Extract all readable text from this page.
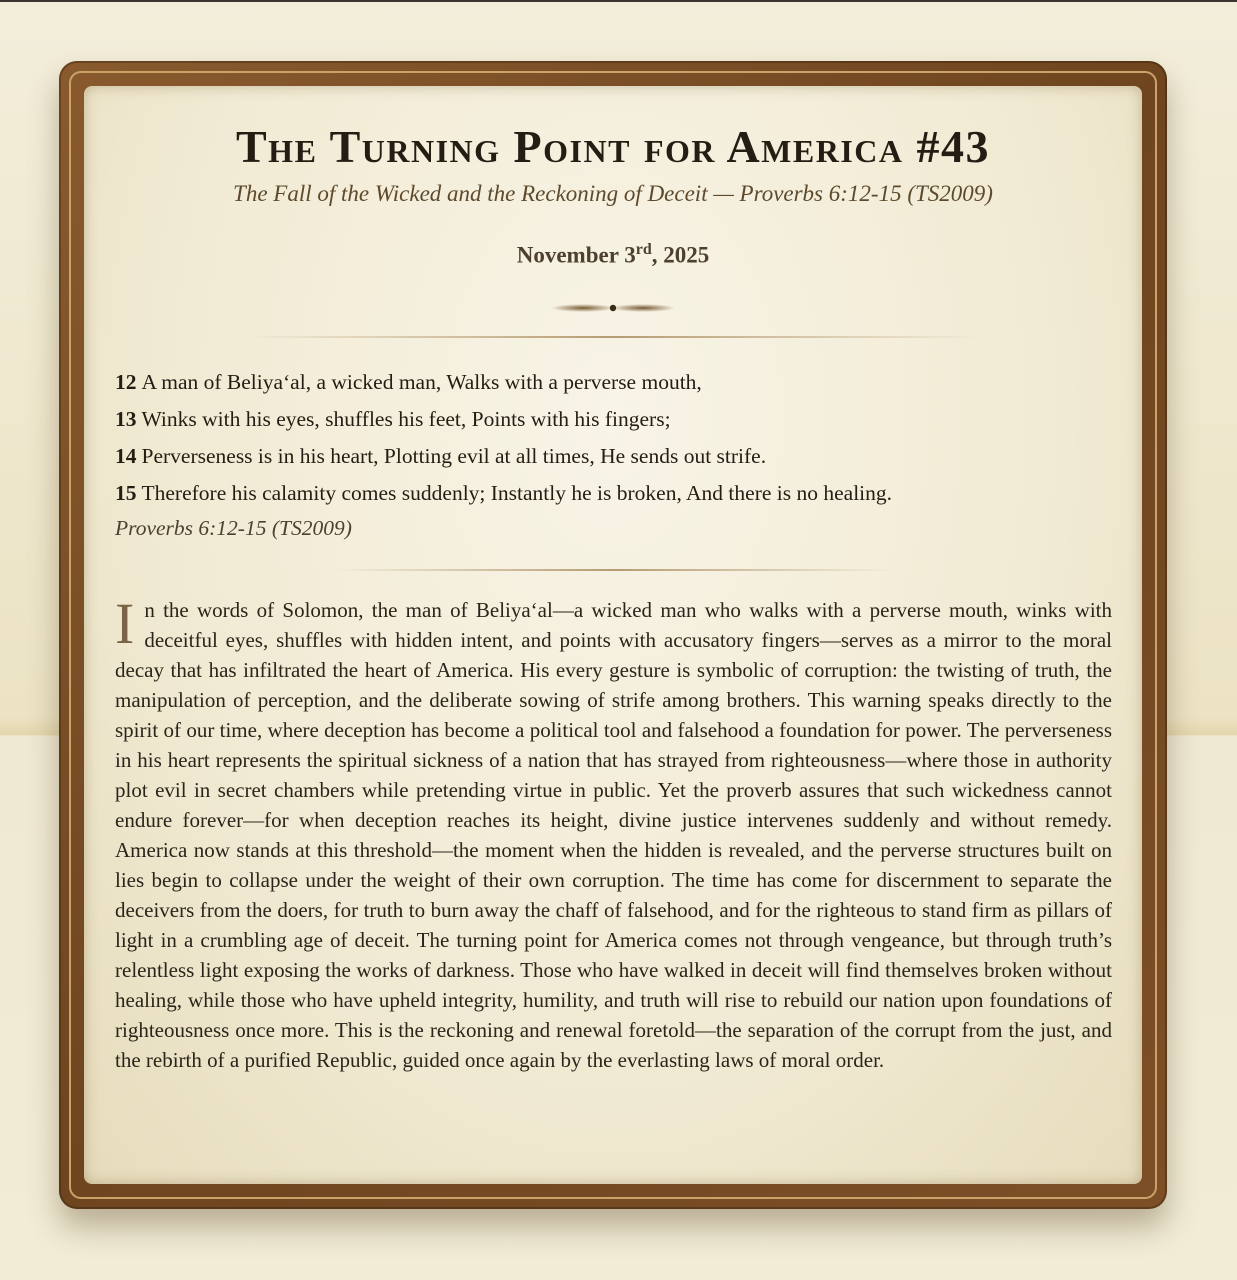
The Turning Point for America #43
The Fall of the Wicked and the Reckoning of Deceit — Proverbs 6:12-15 (TS2009)
November 3rd, 2025
12 A man of Beliya‘al, a wicked man, Walks with a perverse mouth,
13 Winks with his eyes, shuffles his feet, Points with his fingers;
14 Perverseness is in his heart, Plotting evil at all times, He sends out strife.
15 Therefore his calamity comes suddenly; Instantly he is broken, And there is no healing.
Proverbs 6:12-15 (TS2009)

In the words of Solomon, the man of Beliya‘al—a wicked man who walks with a perverse mouth, winks with deceitful eyes, shuffles with hidden intent, and points with accusatory fingers—serves as a mirror to the moral decay that has infiltrated the heart of America. His every gesture is symbolic of corruption: the twisting of truth, the manipulation of perception, and the deliberate sowing of strife among brothers. This warning speaks directly to the spirit of our time, where deception has become a political tool and falsehood a foundation for power. The perverseness in his heart represents the spiritual sickness of a nation that has strayed from righteousness—where those in authority plot evil in secret chambers while pretending virtue in public. Yet the proverb assures that such wickedness cannot endure forever—for when deception reaches its height, divine justice intervenes suddenly and without remedy. America now stands at this threshold—the moment when the hidden is revealed, and the perverse structures built on lies begin to collapse under the weight of their own corruption. The time has come for discernment to separate the deceivers from the doers, for truth to burn away the chaff of falsehood, and for the righteous to stand firm as pillars of light in a crumbling age of deceit. The turning point for America comes not through vengeance, but through truth’s relentless light exposing the works of darkness. Those who have walked in deceit will find themselves broken without healing, while those who have upheld integrity, humility, and truth will rise to rebuild our nation upon foundations of righteousness once more. This is the reckoning and renewal foretold—the separation of the corrupt from the just, and the rebirth of a purified Republic, guided once again by the everlasting laws of moral order.
